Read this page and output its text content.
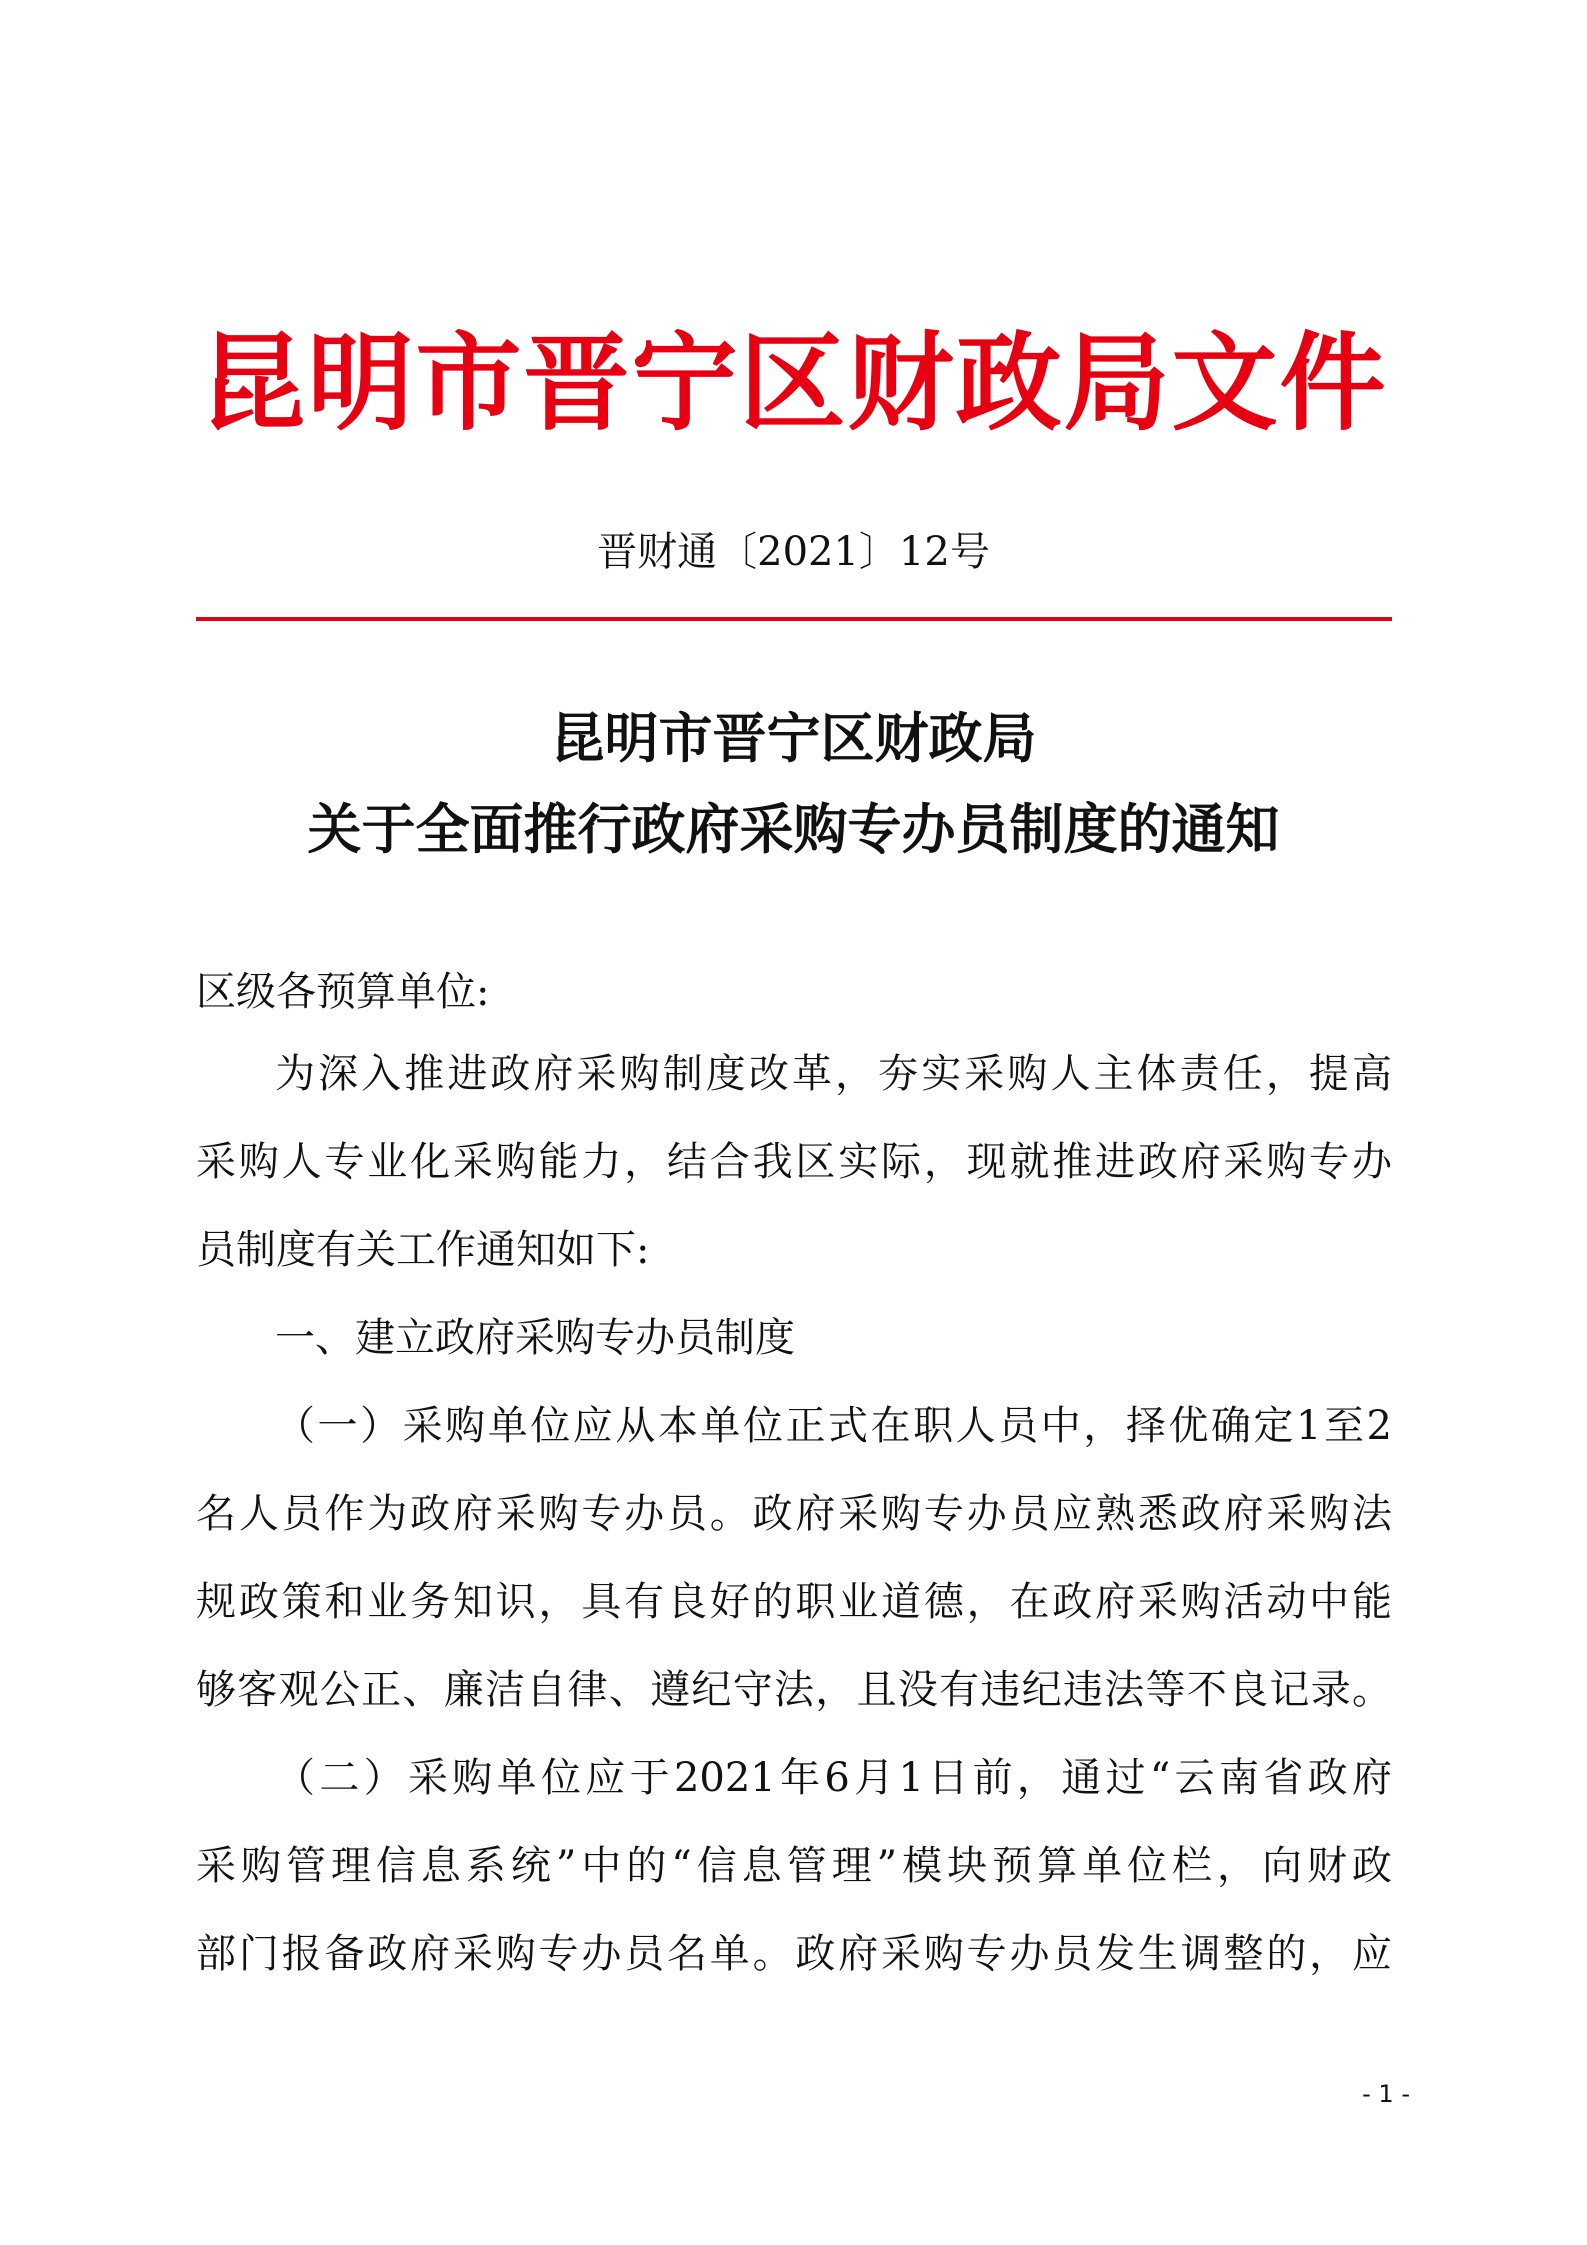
昆明市晋宁区财政局文件
晋财通〔2021〕12号
昆明市晋宁区财政局
关于全面推行政府采购专办员制度的通知
区级各预算单位:
为深入推进政府采购制度改革，夯实采购人主体责任，提高
采购人专业化采购能力，结合我区实际，现就推进政府采购专办
员制度有关工作通知如下:
一、建立政府采购专办员制度
（一）采购单位应从本单位正式在职人员中，择优确定1至2
名人员作为政府采购专办员。政府采购专办员应熟悉政府采购法
规政策和业务知识，具有良好的职业道德，在政府采购活动中能
够客观公正、廉洁自律、遵纪守法，且没有违纪违法等不良记录。
（二）采购单位应于2021年6月1日前，通过“云南省政府
采购管理信息系统”中的“信息管理”模块预算单位栏，向财政
部门报备政府采购专办员名单。政府采购专办员发生调整的，应
- 1 -
